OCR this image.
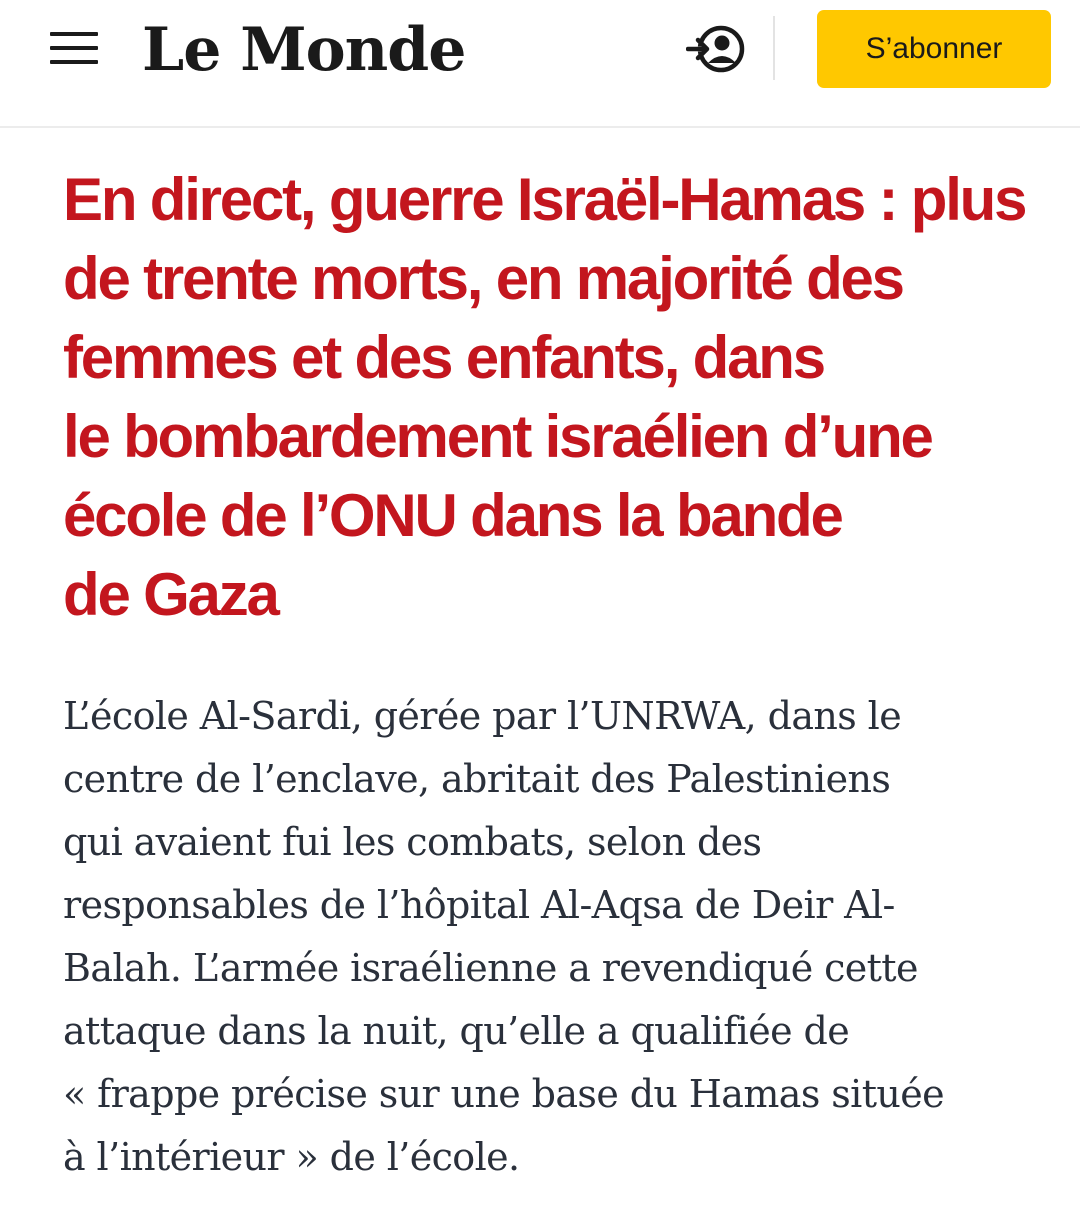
Le Monde	S’abonner
En direct, guerre Israël-Hamas : plus
de trente morts, en majorité des
femmes et des enfants, dans
le bombardement israélien d’une
école de l’ONU dans la bande
de Gaza

L’école Al-Sardi, gérée par l’UNRWA, dans le
centre de l’enclave, abritait des Palestiniens
qui avaient fui les combats, selon des
responsables de l’hôpital Al-Aqsa de Deir Al-
Balah. L’armée israélienne a revendiqué cette
attaque dans la nuit, qu’elle a qualifiée de
« frappe précise sur une base du Hamas située
à l’intérieur » de l’école.
